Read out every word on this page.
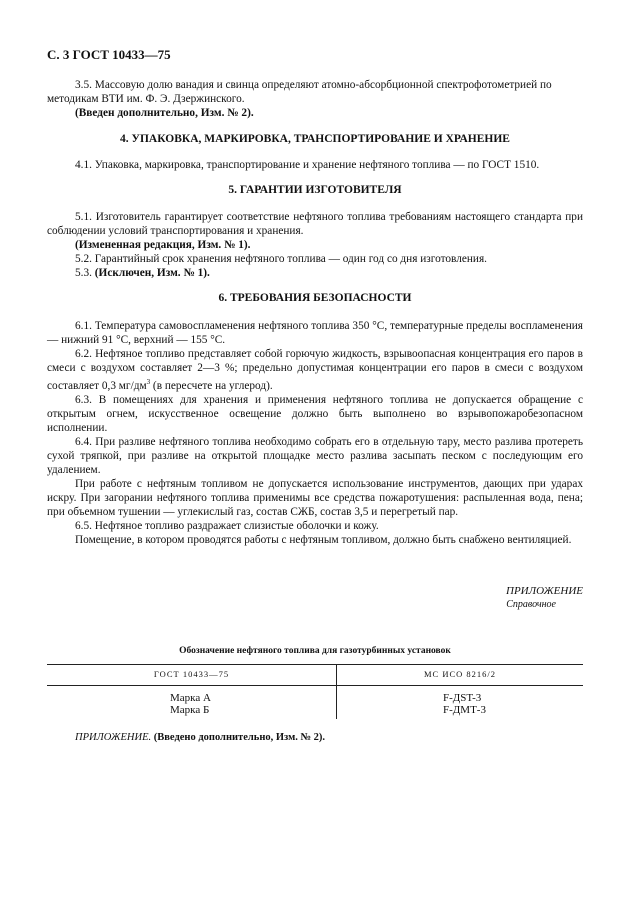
С. 3 ГОСТ 10433—75
3.5. Массовую долю ванадия и свинца определяют атомно-абсорбционной спектрофотометрией по

методикам ВТИ им. Ф. Э. Дзержинского.

(Введен дополнительно, Изм. № 2).
4. УПАКОВКА, МАРКИРОВКА, ТРАНСПОРТИРОВАНИЕ И ХРАНЕНИЕ
4.1. Упаковка, маркировка, транспортирование и хранение нефтяного топлива — по ГОСТ 1510.
5. ГАРАНТИИ ИЗГОТОВИТЕЛЯ

5.1. Изготовитель гарантирует соответствие нефтяного топлива требованиям настоящего стандарта при соблюдении условий транспортирования и хранения.

(Измененная редакция, Изм. № 1).
5.2. Гарантийный срок хранения нефтяного топлива — один год со дня изготовления.
5.3. (Исключен, Изм. № 1).
6. ТРЕБОВАНИЯ БЕЗОПАСНОСТИ

6.1. Температура самовоспламенения нефтяного топлива 350 °С, температурные пределы воспламенения — нижний 91 °С, верхний — 155 °С.

6.2. Нефтяное топливо представляет собой горючую жидкость, взрывоопасная концентрация его паров в смеси с воздухом составляет 2—3 %; предельно допустимая концентрации его паров в смеси с воздухом составляет 0,3 $мг/дм^3$ (в пересчете на углерод).

6.3. В помещениях для хранения и применения нефтяного топлива не допускается обращение с открытым огнем, искусственное освещение должно быть выполнено во взрывопожаробезопасном исполнении.

6.4. При разливе нефтяного топлива необходимо собрать его в отдельную тару, место разлива протереть сухой тряпкой, при разливе на открытой площадке место разлива засыпать песком с последующим его удалением.

При работе с нефтяным топливом не допускается использование инструментов, дающих при ударах искру. При загорании нефтяного топлива применимы все средства пожаротушения: распыленная вода, пена; при объемном тушении — углекислый газ, состав СЖБ, состав 3,5 и перегретый пар.

6.5. Нефтяное топливо раздражает слизистые оболочки и кожу.

Помещение, в котором проводятся работы с нефтяным топливом, должно быть снабжено вентиляцией.

ПРИЛОЖЕНИЕ
Справочное
Обозначение нефтяного топлива для газотурбинных установок
ГОСТ 10433—75	МС ИСО 8216/2
Марка А	F-ДST-3
Марка Б	F-ДМТ-3
ПРИЛОЖЕНИЕ. (Введено дополнительно, Изм. № 2).
